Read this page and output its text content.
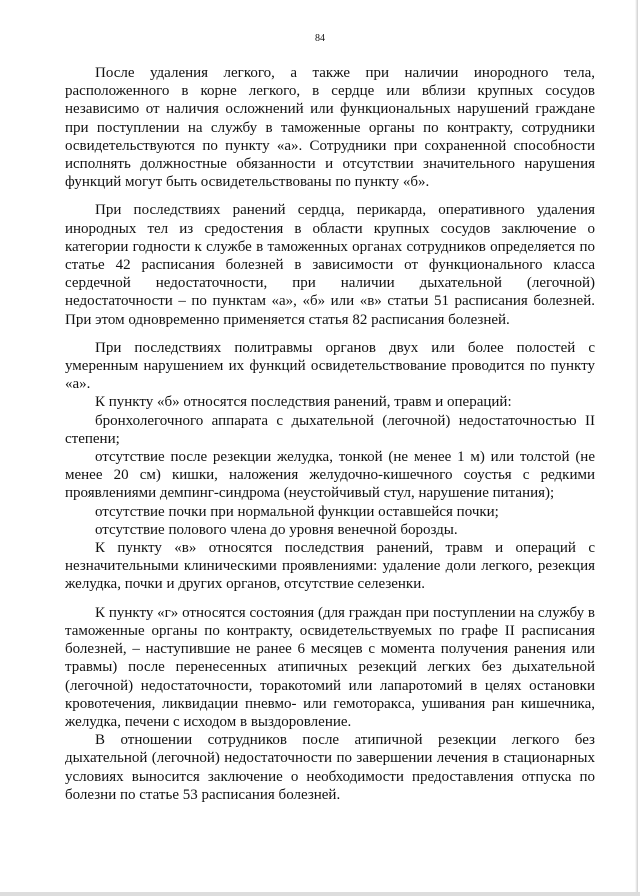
84

После удаления легкого, а также при наличии инородного тела, расположенного в корне легкого, в сердце или вблизи крупных сосудов независимо от наличия осложнений или функциональных нарушений граждане при поступлении на службу в таможенные органы по контракту, сотрудники освидетельствуются по пункту «а». Сотрудники при сохраненной способности исполнять должностные обязанности и отсутствии значительного нарушения функций могут быть освидетельствованы по пункту «б».

При последствиях ранений сердца, перикарда, оперативного удаления инородных тел из средостения в области крупных сосудов заключение о категории годности к службе в таможенных органах сотрудников определяется по статье 42 расписания болезней в зависимости от функционального класса сердечной недостаточности, при наличии дыхательной (легочной) недостаточности – по пунктам «а», «б» или «в» статьи 51 расписания болезней. При этом одновременно применяется статья 82 расписания болезней.

При последствиях политравмы органов двух или более полостей с умеренным нарушением их функций освидетельствование проводится по пункту «а».

К пункту «б» относятся последствия ранений, травм и операций:

бронхолегочного аппарата с дыхательной (легочной) недостаточностью II степени;

отсутствие после резекции желудка, тонкой (не менее 1 м) или толстой (не менее 20 см) кишки, наложения желудочно-кишечного соустья с редкими проявлениями демпинг-синдрома (неустойчивый стул, нарушение питания);

отсутствие почки при нормальной функции оставшейся почки;

отсутствие полового члена до уровня венечной борозды.

К пункту «в» относятся последствия ранений, травм и операций с незначительными клиническими проявлениями: удаление доли легкого, резекция желудка, почки и других органов, отсутствие селезенки.

К пункту «г» относятся состояния (для граждан при поступлении на службу в таможенные органы по контракту, освидетельствуемых по графе II расписания болезней, – наступившие не ранее 6 месяцев с момента получения ранения или травмы) после перенесенных атипичных резекций легких без дыхательной (легочной) недостаточности, торакотомий или лапаротомий в целях остановки кровотечения, ликвидации пневмо- или гемоторакса, ушивания ран кишечника, желудка, печени с исходом в выздоровление.

В отношении сотрудников после атипичной резекции легкого без дыхательной (легочной) недостаточности по завершении лечения в стационарных условиях выносится заключение о необходимости предоставления отпуска по болезни по статье 53 расписания болезней.
